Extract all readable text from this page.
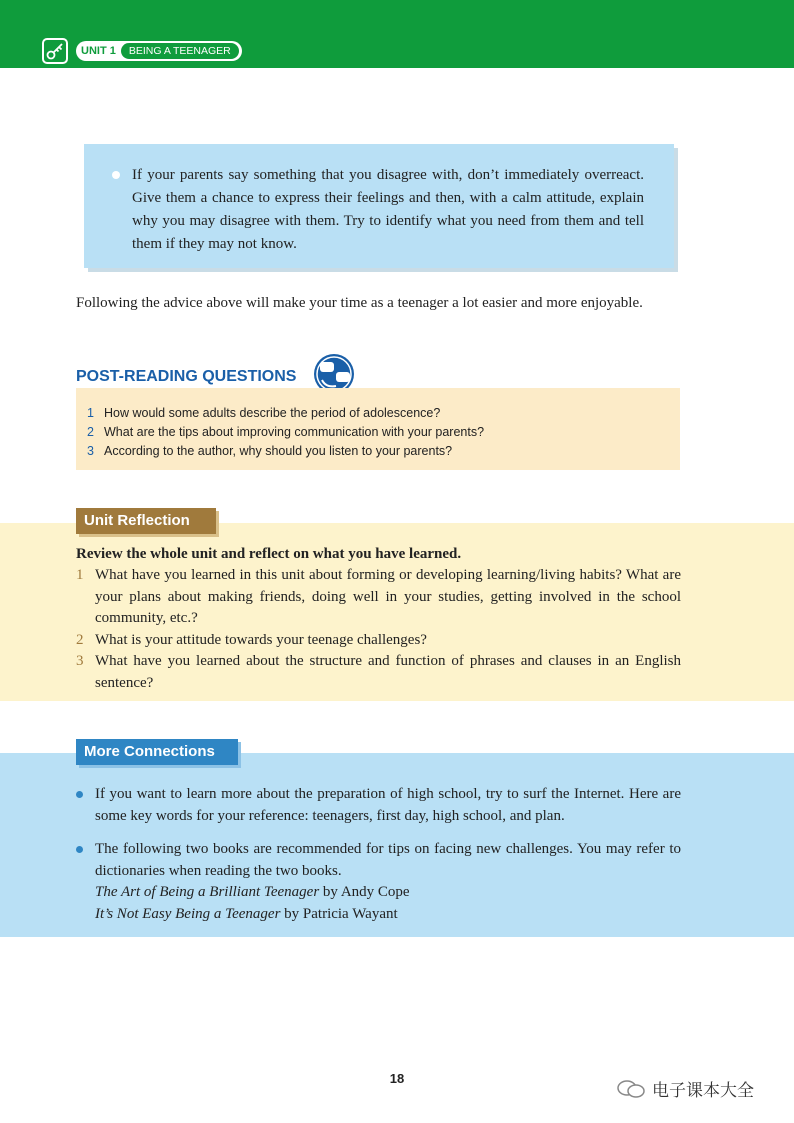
UNIT 1	BEING A TEENAGER

If your parents say something that you disagree with, don’t immediately overreact. Give them a chance to express their feelings and then, with a calm attitude, explain why you may disagree with them. Try to identify what you need from them and tell them if they may not know.

Following the advice above will make your time as a teenager a lot easier and more enjoyable.

POST-READING QUESTIONS
1 How would some adults describe the period of adolescence?
2 What are the tips about improving communication with your parents?
3 According to the author, why should you listen to your parents?
Unit Reflection

Review the whole unit and reflect on what you have learned.

1 What have you learned in this unit about forming or developing learning/living habits? What are your plans about making friends, doing well in your studies, getting involved in the school community, etc.?
2 What is your attitude towards your teenage challenges?
3 What have you learned about the structure and function of phrases and clauses in an English sentence?
More Connections
If you want to learn more about the preparation of high school, try to surf the Internet. Here are some key words for your reference: teenagers, first day, high school, and plan.
The following two books are recommended for tips on facing new challenges. You may refer to dictionaries when reading the two books.
The Art of Being a Brilliant Teenager by Andy Cope
It’s Not Easy Being a Teenager by Patricia Wayant
18
电子课本大全
